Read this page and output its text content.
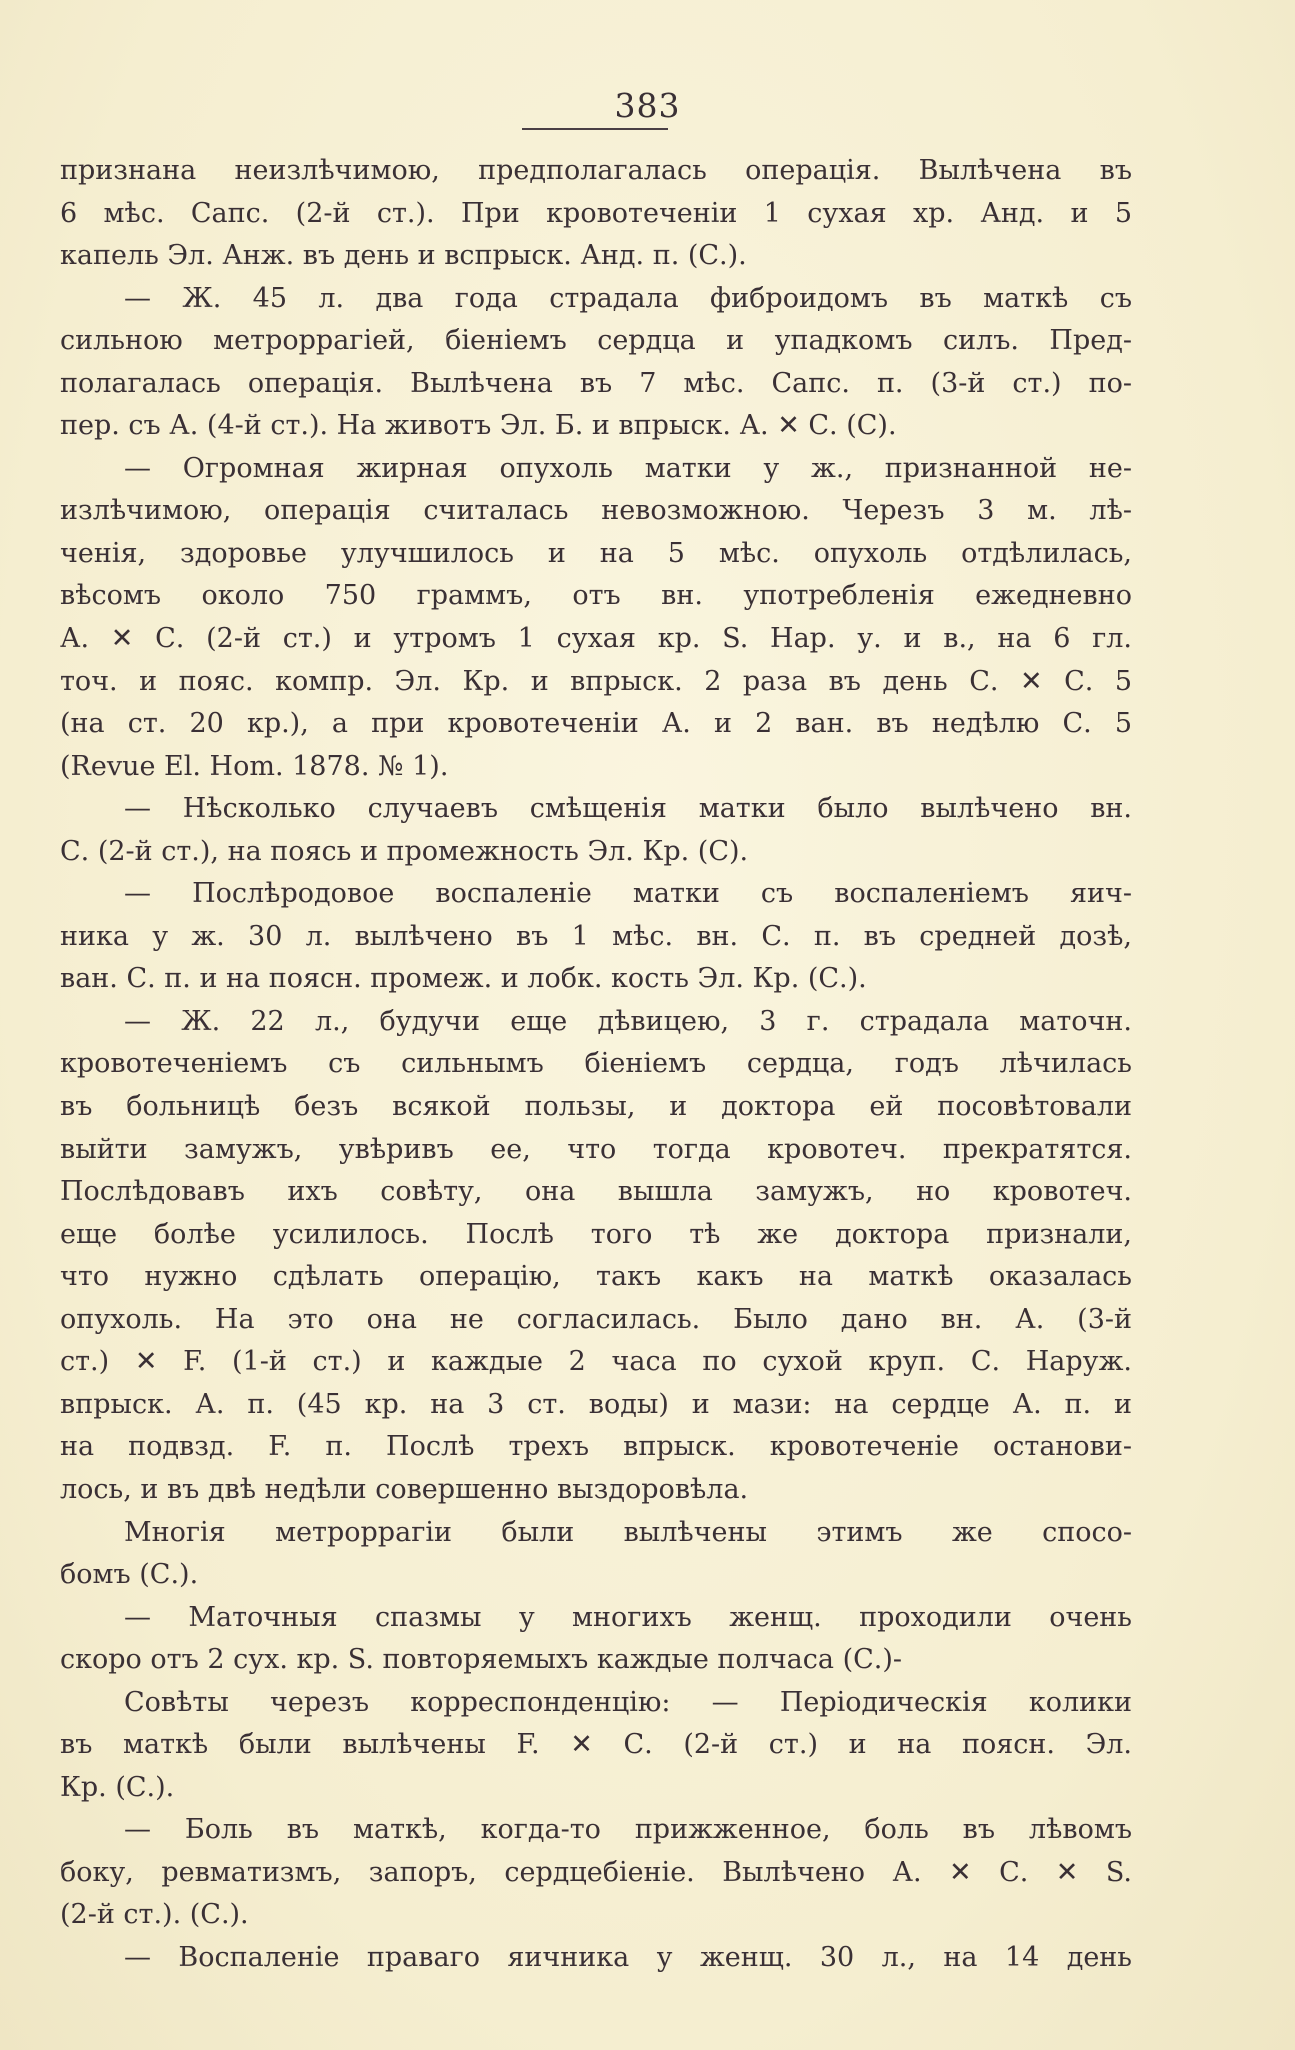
383
признана неизлѣчимою, предполагалась операція. Вылѣчена въ
6 мѣс. Сапс. (2-й ст.). При кровотеченіи 1 сухая хр. Анд. и 5
капель Эл. Анж. въ день и вспрыск. Анд. п. (С.).
— Ж. 45 л. два года страдала фиброидомъ въ маткѣ съ
сильною метроррагіей, біеніемъ сердца и упадкомъ силъ. Пред-
полагалась операція. Вылѣчена въ 7 мѣс. Сапс. п. (3-й ст.) по-
пер. съ А. (4-й ст.). На животъ Эл. Б. и впрыск. А. ✕ С. (С).
— Огромная жирная опухоль матки у ж., признанной не-
излѣчимою, операція считалась невозможною. Черезъ 3 м. лѣ-
ченія, здоровье улучшилось и на 5 мѣс. опухоль отдѣлилась,
вѣсомъ около 750 граммъ, отъ вн. употребленія ежедневно
А. ✕ С. (2-й ст.) и утромъ 1 сухая кр. S. Нар. у. и в., на 6 гл.
точ. и пояс. компр. Эл. Кр. и впрыск. 2 раза въ день С. ✕ С. 5
(на ст. 20 кр.), а при кровотеченіи А. и 2 ван. въ недѣлю С. 5
(Revue El. Hom. 1878. № 1).
— Нѣсколько случаевъ смѣщенія матки было вылѣчено вн.
С. (2-й ст.), на поясь и промежность Эл. Кр. (С).
— Послѣродовое воспаленіе матки съ воспаленіемъ яич-
ника у ж. 30 л. вылѣчено въ 1 мѣс. вн. С. п. въ средней дозѣ,
ван. С. п. и на поясн. промеж. и лобк. кость Эл. Кр. (С.).
— Ж. 22 л., будучи еще дѣвицею, 3 г. страдала маточн.
кровотеченіемъ съ сильнымъ біеніемъ сердца, годъ лѣчилась
въ больницѣ безъ всякой пользы, и доктора ей посовѣтовали
выйти замужъ, увѣривъ ее, что тогда кровотеч. прекратятся.
Послѣдовавъ ихъ совѣту, она вышла замужъ, но кровотеч.
еще болѣе усилилось. Послѣ того тѣ же доктора признали,
что нужно сдѣлать операцію, такъ какъ на маткѣ оказалась
опухоль. На это она не согласилась. Было дано вн. А. (3-й
ст.) ✕ F. (1-й ст.) и каждые 2 часа по сухой круп. С. Наруж.
впрыск. А. п. (45 кр. на 3 ст. воды) и мази: на сердце А. п. и
на подвзд. F. п. Послѣ трехъ впрыск. кровотеченіе останови-
лось, и въ двѣ недѣли совершенно выздоровѣла.
Многія метроррагіи были вылѣчены этимъ же спосо-
бомъ (С.).
— Маточныя спазмы у многихъ женщ. проходили очень
скоро отъ 2 сух. кр. S. повторяемыхъ каждые полчаса (С.)-
Совѣты черезъ корреспонденцію: — Періодическія колики
въ маткѣ были вылѣчены F. ✕ С. (2-й ст.) и на поясн. Эл.
Кр. (С.).
— Боль въ маткѣ, когда-то прижженное, боль въ лѣвомъ
боку, ревматизмъ, запоръ, сердцебіеніе. Вылѣчено А. ✕ С. ✕ S.
(2-й ст.). (С.).
— Воспаленіе праваго яичника у женщ. 30 л., на 14 день
